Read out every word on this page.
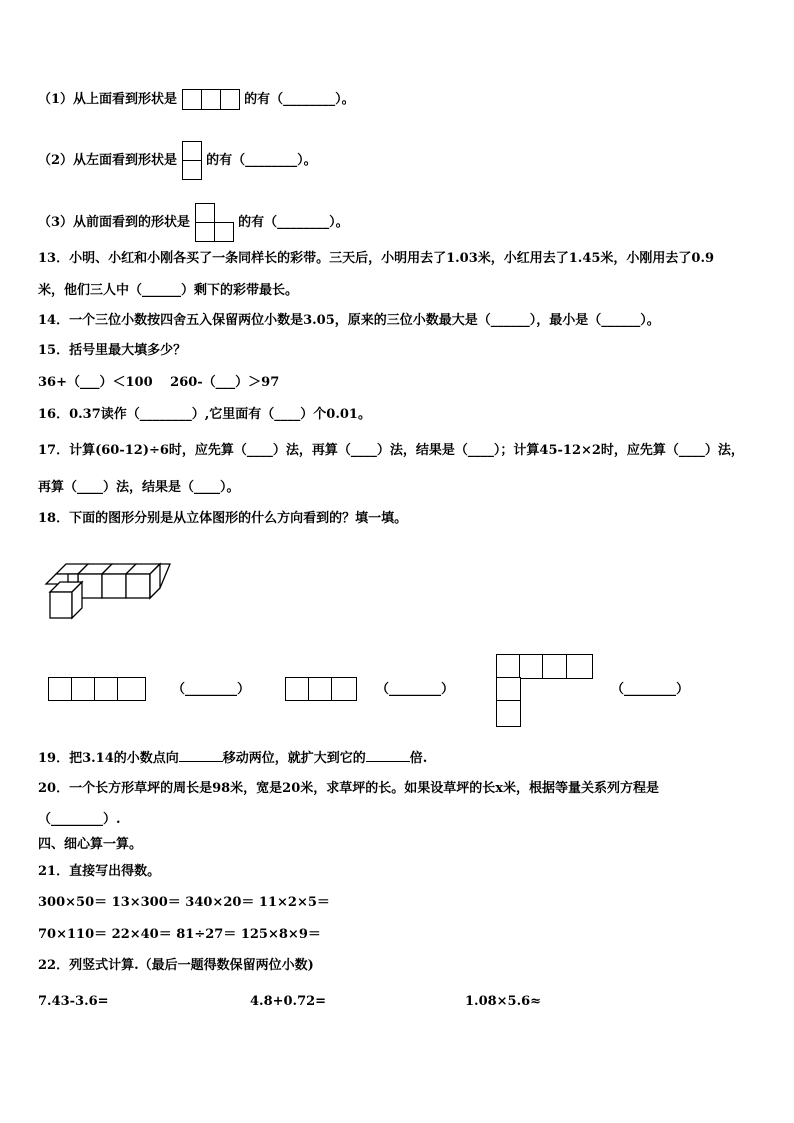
（1）从上面看到形状是			的有（________）。
（2）从左面看到形状是 的有（________）。
（3）从前面看到的形状是	
		的有（________）。
13．小明、小红和小刚各买了一条同样长的彩带。三天后，小明用去了1.03米，小红用去了1.45米，小刚用去了0.9
米，他们三人中（______）剩下的彩带最长。
14．一个三位小数按四舍五入保留两位小数是3.05，原来的三位小数最大是（______），最小是（______）。
15．括号里最大填多少？
36+（___）＜100　 260-（___）＞97
16．0.37读作（________）,它里面有（____）个0.01。
17．计算(60-12)÷6时，应先算（____）法，再算（____）法，结果是（____）；计算45-12×2时，应先算（____）法，
再算（____）法，结果是（____）。
18．下面的图形分别是从立体图形的什么方向看到的？填一填。
（________）	（________）	（________）
19．把3.14的小数点向	移动两位，就扩大到它的	倍.
20．一个长方形草坪的周长是98米，宽是20米，求草坪的长。如果设草坪的长x米，根据等量关系列方程是
（________）.
四、细心算一算。
21．直接写出得数。
300×50＝ 13×300＝ 340×20＝ 11×2×5＝
70×110＝ 22×40＝ 81÷27＝ 125×8×9＝
22．列竖式计算.（最后一题得数保留两位小数)
7.43-3.6=	4.8+0.72=	1.08×5.6≈
